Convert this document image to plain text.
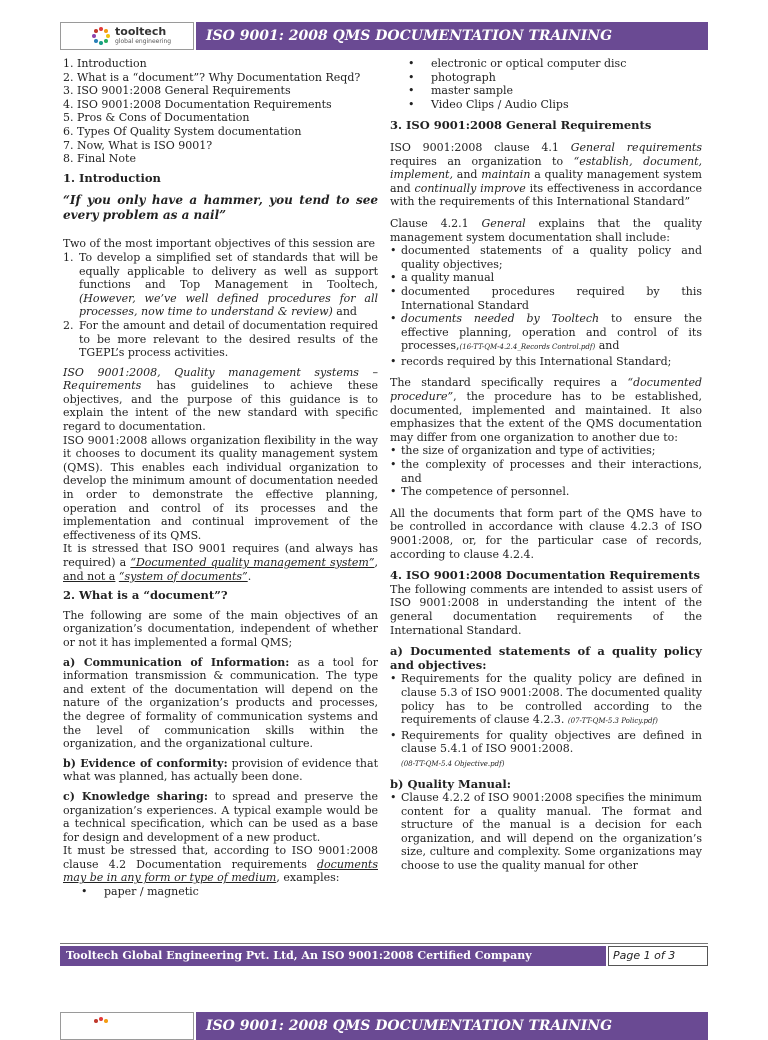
tooltech
global engineering	ISO 9001: 2008 QMS DOCUMENTATION TRAINING
1. Introduction
2. What is a “document”? Why Documentation Reqd?
3. ISO 9001:2008 General Requirements
4. ISO 9001:2008 Documentation Requirements
5. Pros & Cons of Documentation
6. Types Of Quality System documentation
7. Now, What is ISO 9001?
8. Final Note

1. Introduction

“If you only have a hammer, you tend to see every problem as a nail”

Two of the most important objectives of this session are

1. To develop a simplified set of standards that will be equally applicable to delivery as well as support functions and Top Management in Tooltech, (However, we’ve well defined procedures for all processes, now time to understand & review) and
2. For the amount and detail of documentation required to be more relevant to the desired results of the TGEPL’s process activities.

ISO 9001:2008, Quality management systems – Requirements has guidelines to achieve these objectives, and the purpose of this guidance is to explain the intent of the new standard with specific regard to documentation.

ISO 9001:2008 allows organization flexibility in the way it chooses to document its quality management system (QMS). This enables each individual organization to develop the minimum amount of documentation needed in order to demonstrate the effective planning, operation and control of its processes and the implementation and continual improvement of the effectiveness of its QMS.

It is stressed that ISO 9001 requires (and always has required) a “Documented quality management system”, and not a “system of documents”.

2. What is a “document”?

The following are some of the main objectives of an organization’s documentation, independent of whether or not it has implemented a formal QMS;

a) Communication of Information: as a tool for information transmission & communication. The type and extent of the documentation will depend on the nature of the organization’s products and processes, the degree of formality of communication systems and the level of communication skills within the organization, and the organizational culture.

b) Evidence of conformity: provision of evidence that what was planned, has actually been done.

c) Knowledge sharing: to spread and preserve the organization’s experiences. A typical example would be a technical specification, which can be used as a base for design and development of a new product.

It must be stressed that, according to ISO 9001:2008 clause 4.2 Documentation requirements documents may be in any form or type of medium, examples:

• paper / magnetic
• electronic or optical computer disc
• photograph
• master sample
• Video Clips / Audio Clips

3. ISO 9001:2008 General Requirements

ISO 9001:2008 clause 4.1 General requirements requires an organization to “establish, document, implement, and maintain a quality management system and continually improve its effectiveness in accordance with the requirements of this International Standard”

Clause 4.2.1 General explains that the quality management system documentation shall include:

• documented statements of a quality policy and quality objectives;
• a quality manual
• documented procedures required by this International Standard
• documents needed by Tooltech to ensure the effective planning, operation and control of its processes,(16-TT-QM-4.2.4_Records Control.pdf) and
• records required by this International Standard;

The standard specifically requires a “documented procedure”, the procedure has to be established, documented, implemented and maintained. It also emphasizes that the extent of the QMS documentation may differ from one organization to another due to:

• the size of organization and type of activities;
• the complexity of processes and their interactions, and
• The competence of personnel.

All the documents that form part of the QMS have to be controlled in accordance with clause 4.2.3 of ISO 9001:2008, or, for the particular case of records, according to clause 4.2.4.

4. ISO 9001:2008 Documentation Requirements

The following comments are intended to assist users of ISO 9001:2008 in understanding the intent of the general documentation requirements of the International Standard.

a) Documented statements of a quality policy and objectives:

• Requirements for the quality policy are defined in clause 5.3 of ISO 9001:2008. The documented quality policy has to be controlled according to the requirements of clause 4.2.3. (07-TT-QM-5.3 Policy.pdf)
• Requirements for quality objectives are defined in clause 5.4.1 of ISO 9001:2008.
(08-TT-QM-5.4 Objective.pdf)

b) Quality Manual:

• Clause 4.2.2 of ISO 9001:2008 specifies the minimum content for a quality manual. The format and structure of the manual is a decision for each organization, and will depend on the organization’s size, culture and complexity. Some organizations may choose to use the quality manual for other
Tooltech Global Engineering Pvt. Ltd, An ISO 9001:2008 Certified Company	Page 1 of 3
ISO 9001: 2008 QMS DOCUMENTATION TRAINING
